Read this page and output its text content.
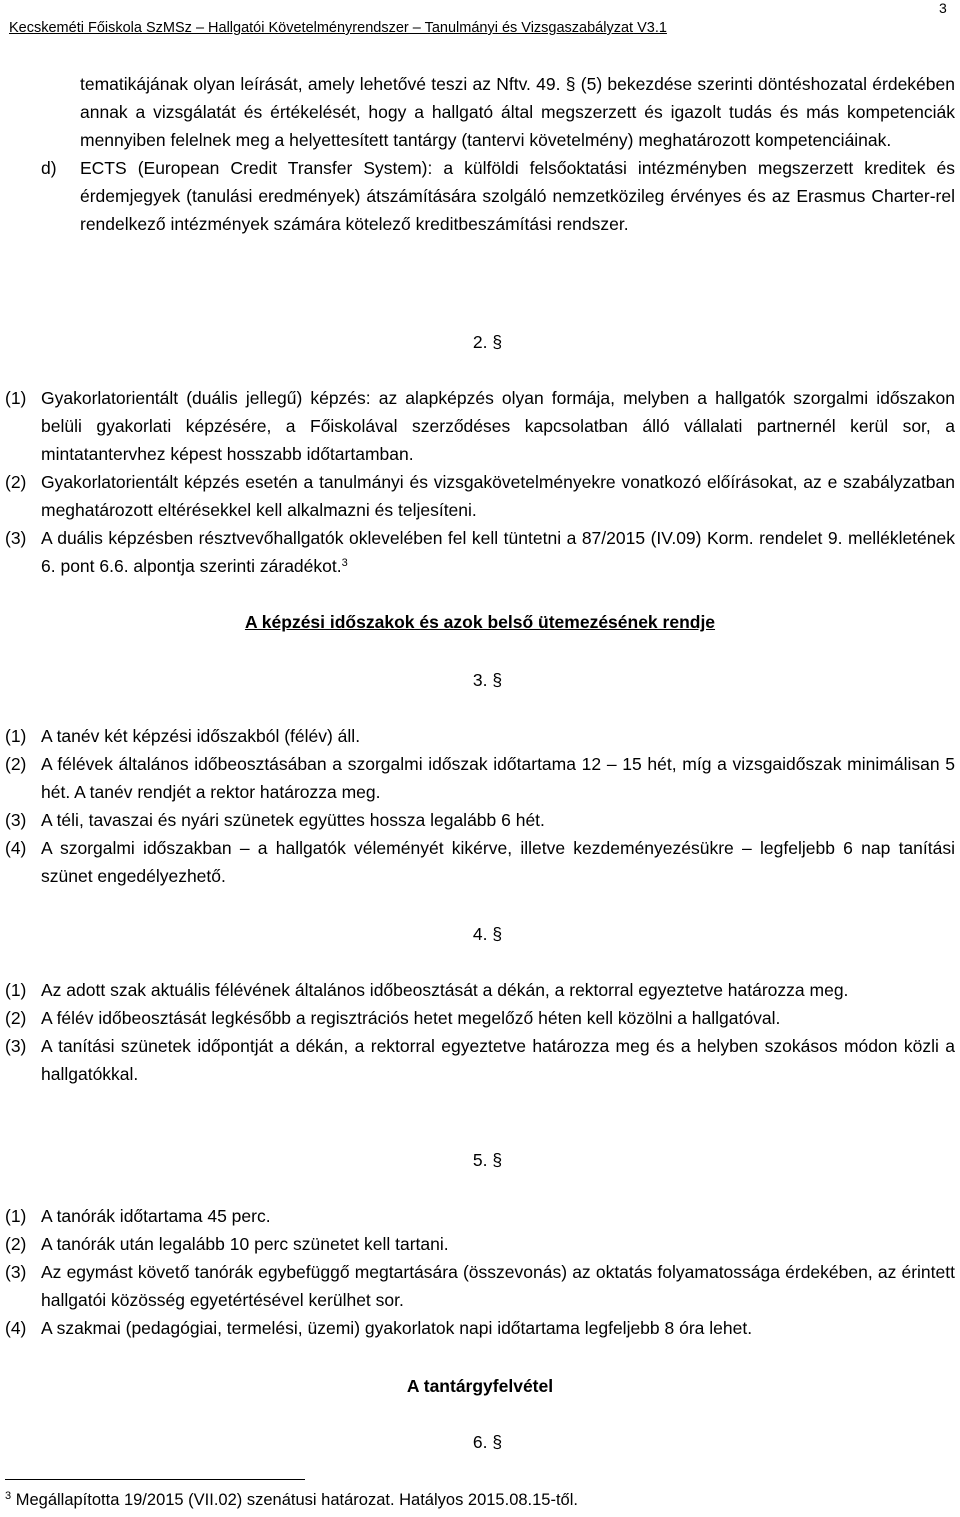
3
Kecskeméti Főiskola SzMSz – Hallgatói Követelményrendszer – Tanulmányi és Vizsgaszabályzat V3.1

tematikájának olyan leírását, amely lehetővé teszi az Nftv. 49. § (5) bekezdése szerinti döntéshozatal érdekében annak a vizsgálatát és értékelését, hogy a hallgató által megszerzett és igazolt tudás és más kompetenciák mennyiben felelnek meg a helyettesített tantárgy (tantervi követelmény) meghatározott kompetenciáinak.

d) ECTS (European Credit Transfer System): a külföldi felsőoktatási intézményben megszerzett kreditek és érdemjegyek (tanulási eredmények) átszámítására szolgáló nemzetközileg érvényes és az Erasmus Charter-rel rendelkező intézmények számára kötelező kreditbeszámítási rendszer.

2. §

(1) Gyakorlatorientált (duális jellegű) képzés: az alapképzés olyan formája, melyben a hallgatók szorgalmi időszakon belüli gyakorlati képzésére, a Főiskolával szerződéses kapcsolatban álló vállalati partnernél kerül sor, a mintatantervhez képest hosszabb időtartamban.

(2) Gyakorlatorientált képzés esetén a tanulmányi és vizsgakövetelményekre vonatkozó előírásokat, az e szabályzatban meghatározott eltérésekkel kell alkalmazni és teljesíteni.

(3) A duális képzésben résztvevőhallgatók oklevelében fel kell tüntetni a 87/2015 (IV.09) Korm. rendelet 9. mellékletének 6. pont 6.6. alpontja szerinti záradékot.$^3$

A képzési időszakok és azok belső ütemezésének rendje
3. §

(1) A tanév két képzési időszakból (félév) áll.

(2) A félévek általános időbeosztásában a szorgalmi időszak időtartama 12 – 15 hét, míg a vizsgaidőszak minimálisan 5 hét. A tanév rendjét a rektor határozza meg.

(3) A téli, tavaszai és nyári szünetek együttes hossza legalább 6 hét.

(4) A szorgalmi időszakban – a hallgatók véleményét kikérve, illetve kezdeményezésükre – legfeljebb 6 nap tanítási szünet engedélyezhető.

4. §

(1) Az adott szak aktuális félévének általános időbeosztását a dékán, a rektorral egyeztetve határozza meg.

(2) A félév időbeosztását legkésőbb a regisztrációs hetet megelőző héten kell közölni a hallgatóval.

(3) A tanítási szünetek időpontját a dékán, a rektorral egyeztetve határozza meg és a helyben szokásos módon közli a hallgatókkal.

5. §

(1) A tanórák időtartama 45 perc.

(2) A tanórák után legalább 10 perc szünetet kell tartani.

(3) Az egymást követő tanórák egybefüggő megtartására (összevonás) az oktatás folyamatossága érdekében, az érintett hallgatói közösség egyetértésével kerülhet sor.

(4) A szakmai (pedagógiai, termelési, üzemi) gyakorlatok napi időtartama legfeljebb 8 óra lehet.

A tantárgyfelvétel
6. §
$^3$ Megállapította 19/2015 (VII.02) szenátusi határozat. Hatályos 2015.08.15-től.
